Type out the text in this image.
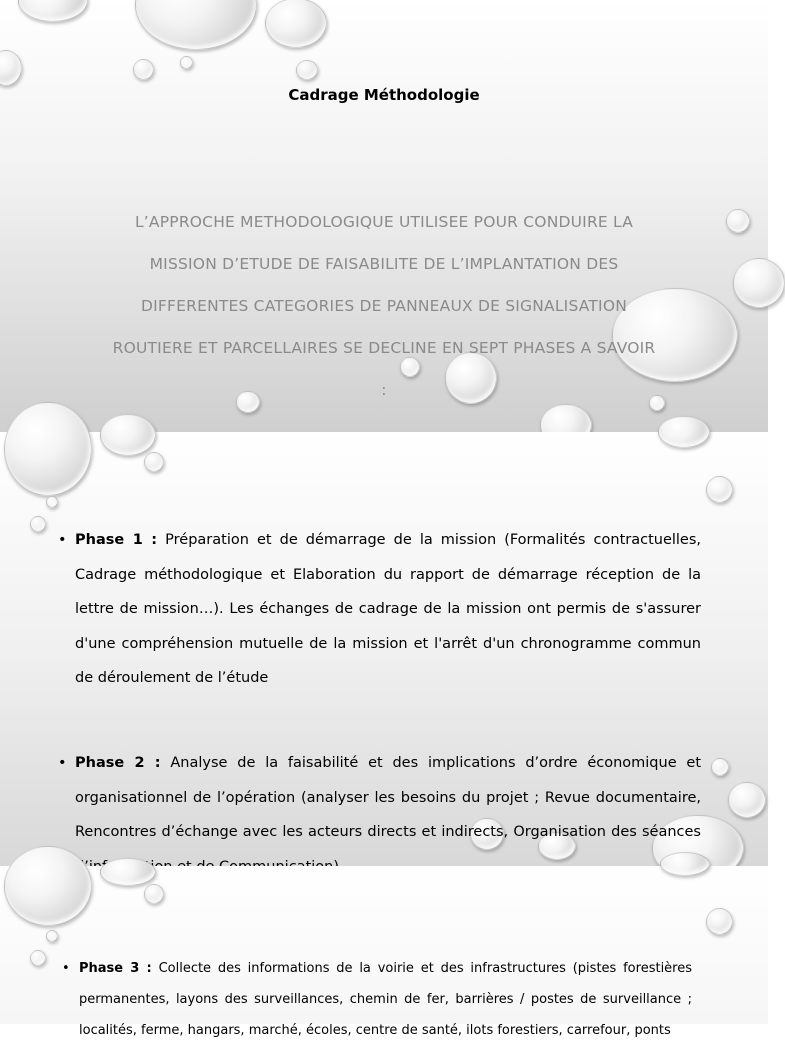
Cadrage Méthodologie
L’APPROCHE METHODOLOGIQUE UTILISEE POUR CONDUIRE LA MISSION D’ETUDE DE FAISABILITE DE L’IMPLANTATION DES DIFFERENTES CATEGORIES DE PANNEAUX DE SIGNALISATION ROUTIERE ET PARCELLAIRES SE DECLINE EN SEPT PHASES A SAVOIR :
• Phase 1 : Préparation et de démarrage de la mission (Formalités contractuelles, Cadrage méthodologique et Elaboration du rapport de démarrage réception de la lettre de mission…). Les échanges de cadrage de la mission ont permis de s'assurer d'une compréhension mutuelle de la mission et l'arrêt d'un chronogramme commun de déroulement de l’étude
• Phase 2 : Analyse de la faisabilité et des implications d’ordre économique et organisationnel de l’opération (analyser les besoins du projet ; Revue documentaire, Rencontres d’échange avec les acteurs directs et indirects, Organisation des séances
• Phase 3 : Collecte des informations de la voirie et des infrastructures (pistes forestières permanentes, layons des surveillances, chemin de fer, barrières / postes de surveillance ; localités, ferme, hangars, marché, écoles, centre de santé, ilots forestiers, carrefour, ponts
